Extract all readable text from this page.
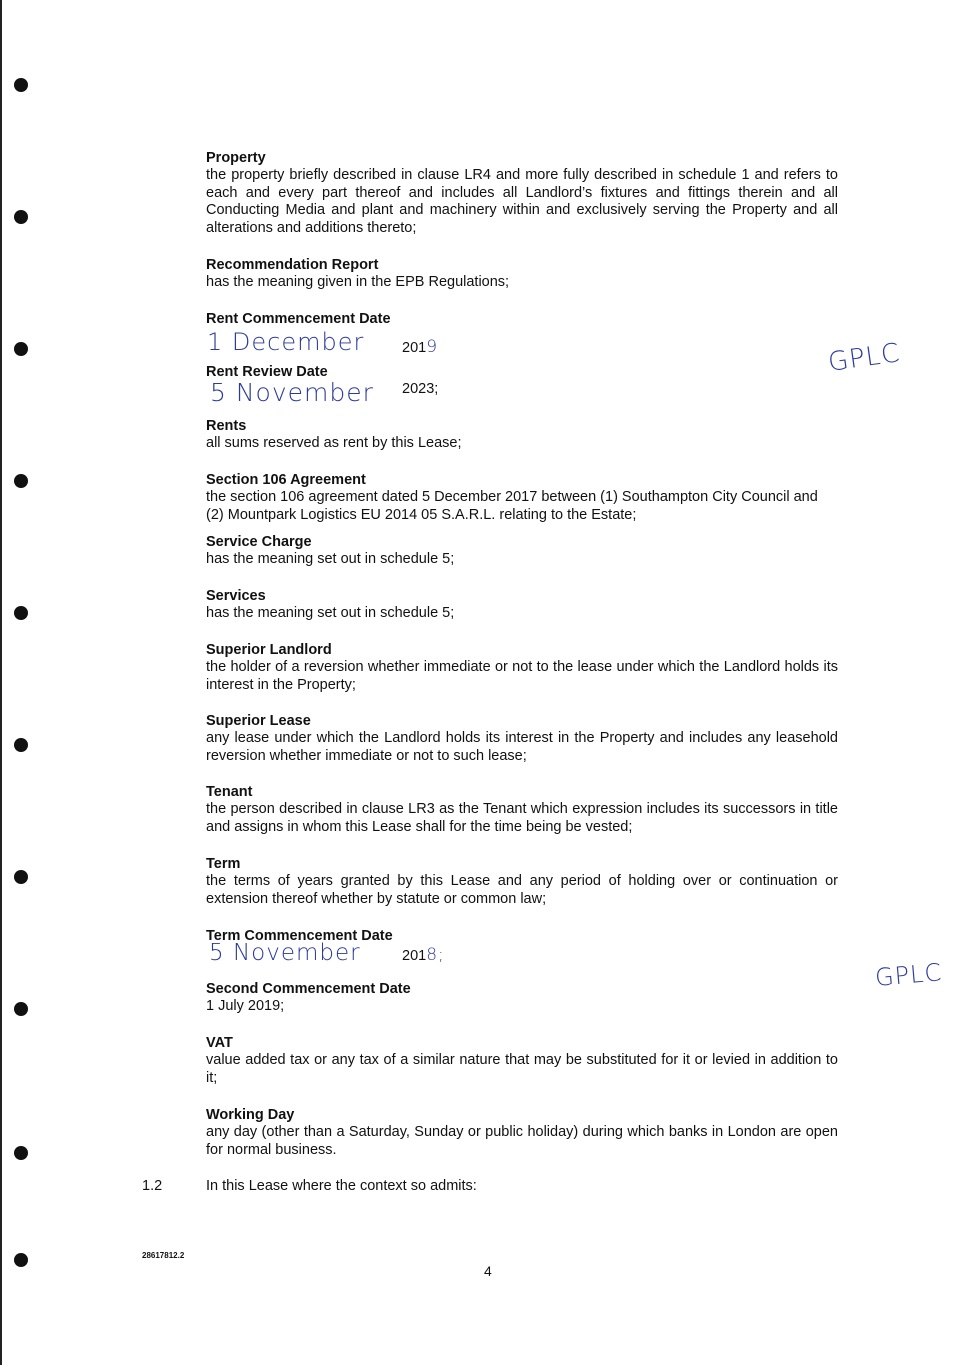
Property
the property briefly described in clause LR4 and more fully described in schedule 1 and refers to each and every part thereof and includes all Landlord’s fixtures and fittings therein and all Conducting Media and plant and machinery within and exclusively serving the Property and all alterations and additions thereto;
Recommendation Report
has the meaning given in the EPB Regulations;
Rent Commencement Date
1 December	2019
Rent Review Date
5 November 2023;
Rents
all sums reserved as rent by this Lease;
Section 106 Agreement
the section 106 agreement dated 5 December 2017 between (1) Southampton City Council and (2) Mountpark Logistics EU 2014 05 S.A.R.L. relating to the Estate;
Service Charge
has the meaning set out in schedule 5;
Services
has the meaning set out in schedule 5;
Superior Landlord
the holder of a reversion whether immediate or not to the lease under which the Landlord holds its interest in the Property;
Superior Lease
any lease under which the Landlord holds its interest in the Property and includes any leasehold reversion whether immediate or not to such lease;
Tenant
the person described in clause LR3 as the Tenant which expression includes its successors in title and assigns in whom this Lease shall for the time being be vested;
Term
the terms of years granted by this Lease and any period of holding over or continuation or extension thereof whether by statute or common law;
Term Commencement Date
5 November	2018;
Second Commencement Date
1 July 2019;
VAT
value added tax or any tax of a similar nature that may be substituted for it or levied in addition to it;
Working Day
any day (other than a Saturday, Sunday or public holiday) during which banks in London are open for normal business.
GPLC
GPLC
1.2	In this Lease where the context so admits:
28617812.2
4
